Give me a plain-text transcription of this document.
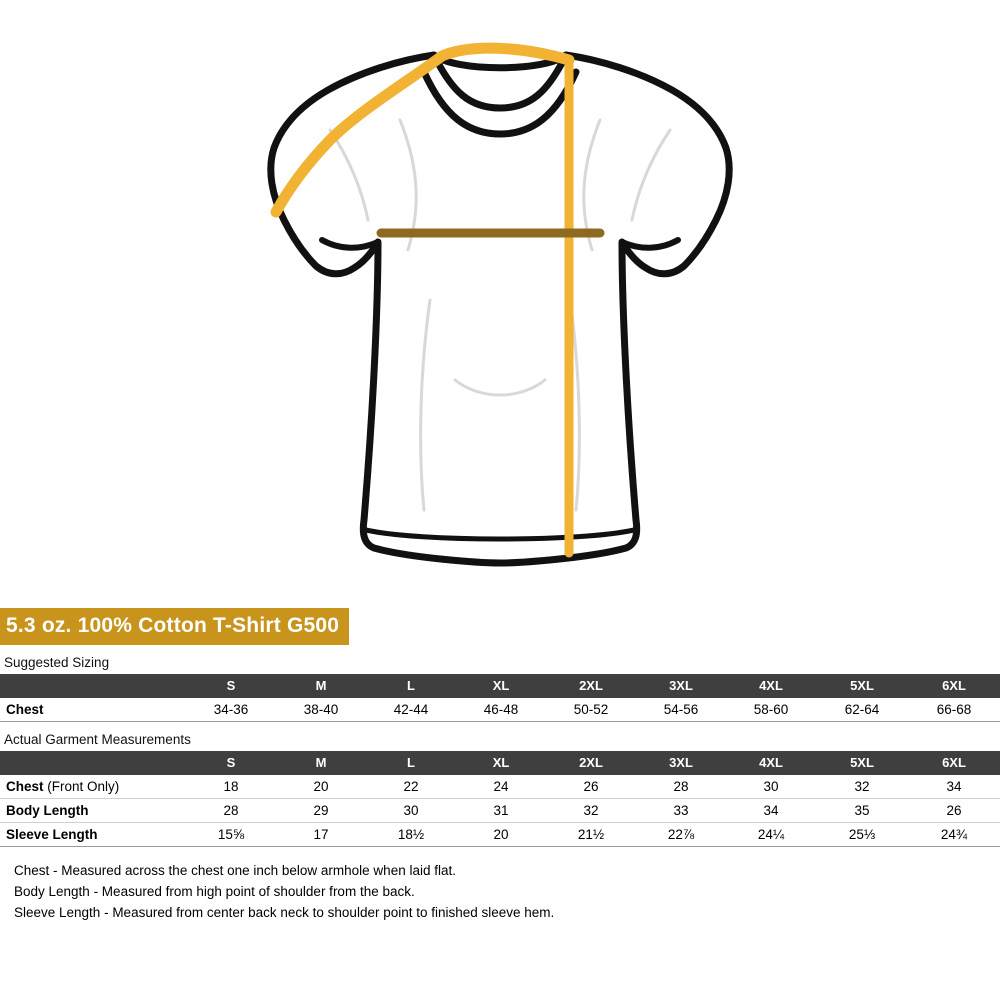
5.3 oz. 100% Cotton T-Shirt G500
Suggested Sizing
	S	M	L	XL	2XL	3XL	4XL	5XL	6XL
Chest	34-36	38-40	42-44	46-48	50-52	54-56	58-60	62-64	66-68
Actual Garment Measurements
	S	M	L	XL	2XL	3XL	4XL	5XL	6XL
Chest (Front Only)	18	20	22	24	26	28	30	32	34
Body Length	28	29	30	31	32	33	34	35	26
Sleeve Length	15⅝	17	18½	20	21½	22⅞	24¼	25⅓	24¾
Chest - Measured across the chest one inch below armhole when laid flat.
Body Length - Measured from high point of shoulder from the back.
Sleeve Length - Measured from center back neck to shoulder point to finished sleeve hem.
